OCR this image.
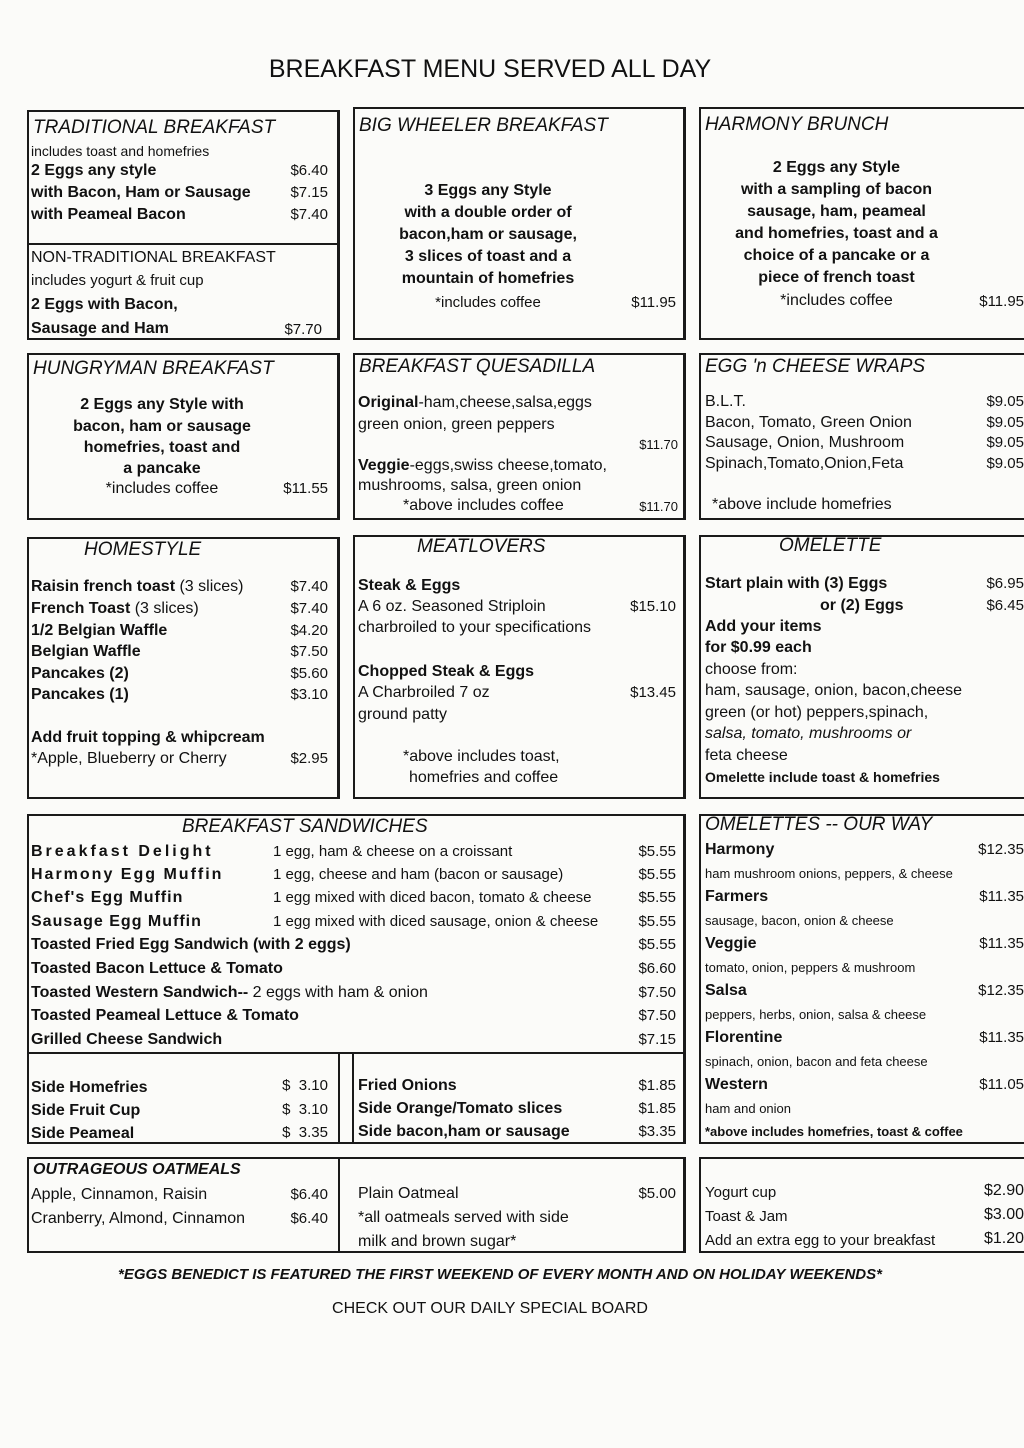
BREAKFAST MENU SERVED ALL DAY
TRADITIONAL BREAKFAST
includes toast and homefries
2 Eggs any style	$6.40
with Bacon, Ham or Sausage	$7.15
with Peameal Bacon	$7.40
NON-TRADITIONAL BREAKFAST
includes yogurt & fruit cup
2 Eggs with Bacon,
Sausage and Ham	$7.70
BIG WHEELER BREAKFAST
3 Eggs any Style
with a double order of
bacon,ham or sausage,
3 slices of toast and a
mountain of homefries
*includes coffee	$11.95
HARMONY BRUNCH
2 Eggs any Style
with a sampling of bacon
sausage, ham, peameal
and homefries, toast and a
choice of a pancake or a
piece of french toast
*includes coffee	$11.95
HUNGRYMAN BREAKFAST
2 Eggs any Style with
bacon, ham or sausage
homefries, toast and
a pancake
*includes coffee	$11.55
BREAKFAST QUESADILLA
Original-ham,cheese,salsa,eggs
green onion, green peppers
$11.70
Veggie-eggs,swiss cheese,tomato,
mushrooms, salsa, green onion
*above includes coffee	$11.70
EGG 'n CHEESE WRAPS
B.L.T.	$9.05
Bacon, Tomato, Green Onion	$9.05
Sausage, Onion, Mushroom	$9.05
Spinach,Tomato,Onion,Feta	$9.05
*above include homefries
HOMESTYLE
Raisin french toast (3 slices)	$7.40
French Toast (3 slices)	$7.40
1/2 Belgian Waffle	$4.20
Belgian Waffle	$7.50
Pancakes (2)	$5.60
Pancakes (1)	$3.10
Add fruit topping & whipcream
*Apple, Blueberry or Cherry	$2.95
MEATLOVERS
Steak & Eggs
A 6 oz. Seasoned Striploin	$15.10
charbroiled to your specifications
Chopped Steak & Eggs
A Charbroiled 7 oz	$13.45
ground patty
*above includes toast,
homefries and coffee
OMELETTE
Start plain with (3) Eggs	$6.95
or (2) Eggs	$6.45
Add your items
for $0.99 each
choose from:
ham, sausage, onion, bacon,cheese
green (or hot) peppers,spinach,
salsa, tomato, mushrooms or
feta cheese
Omelette include toast & homefries
BREAKFAST SANDWICHES
Breakfast Delight	1 egg, ham & cheese on a croissant	$5.55
Harmony Egg Muffin	1 egg, cheese and ham (bacon or sausage)	$5.55
Chef's Egg Muffin	1 egg mixed with diced bacon, tomato & cheese	$5.55
Sausage Egg Muffin	1 egg mixed with diced sausage, onion & cheese	$5.55
Toasted Fried Egg Sandwich (with 2 eggs)	$5.55
Toasted Bacon Lettuce & Tomato	$6.60
Toasted Western Sandwich-- 2 eggs with ham & onion	$7.50
Toasted Peameal Lettuce & Tomato	$7.50
Grilled Cheese Sandwich	$7.15
Side Homefries	$  3.10
Side Fruit Cup	$  3.10
Side Peameal	$  3.35
Fried Onions	$1.85
Side Orange/Tomato slices	$1.85
Side bacon,ham or sausage	$3.35
OMELETTES -- OUR WAY
Harmony	$12.35
ham mushroom onions, peppers, & cheese
Farmers	$11.35
sausage, bacon, onion & cheese
Veggie	$11.35
tomato, onion, peppers & mushroom
Salsa	$12.35
peppers, herbs, onion, salsa & cheese
Florentine	$11.35
spinach, onion, bacon and feta cheese
Western	$11.05
ham and onion
*above includes homefries, toast & coffee
OUTRAGEOUS OATMEALS
Apple, Cinnamon, Raisin	$6.40
Cranberry, Almond, Cinnamon	$6.40
Plain Oatmeal	$5.00
*all oatmeals served with side
milk and brown sugar*
Yogurt cup	$2.90
Toast & Jam	$3.00
Add an extra egg to your breakfast	$1.20
*EGGS BENEDICT IS FEATURED THE FIRST WEEKEND OF EVERY MONTH AND ON HOLIDAY WEEKENDS*
CHECK OUT OUR DAILY SPECIAL BOARD
